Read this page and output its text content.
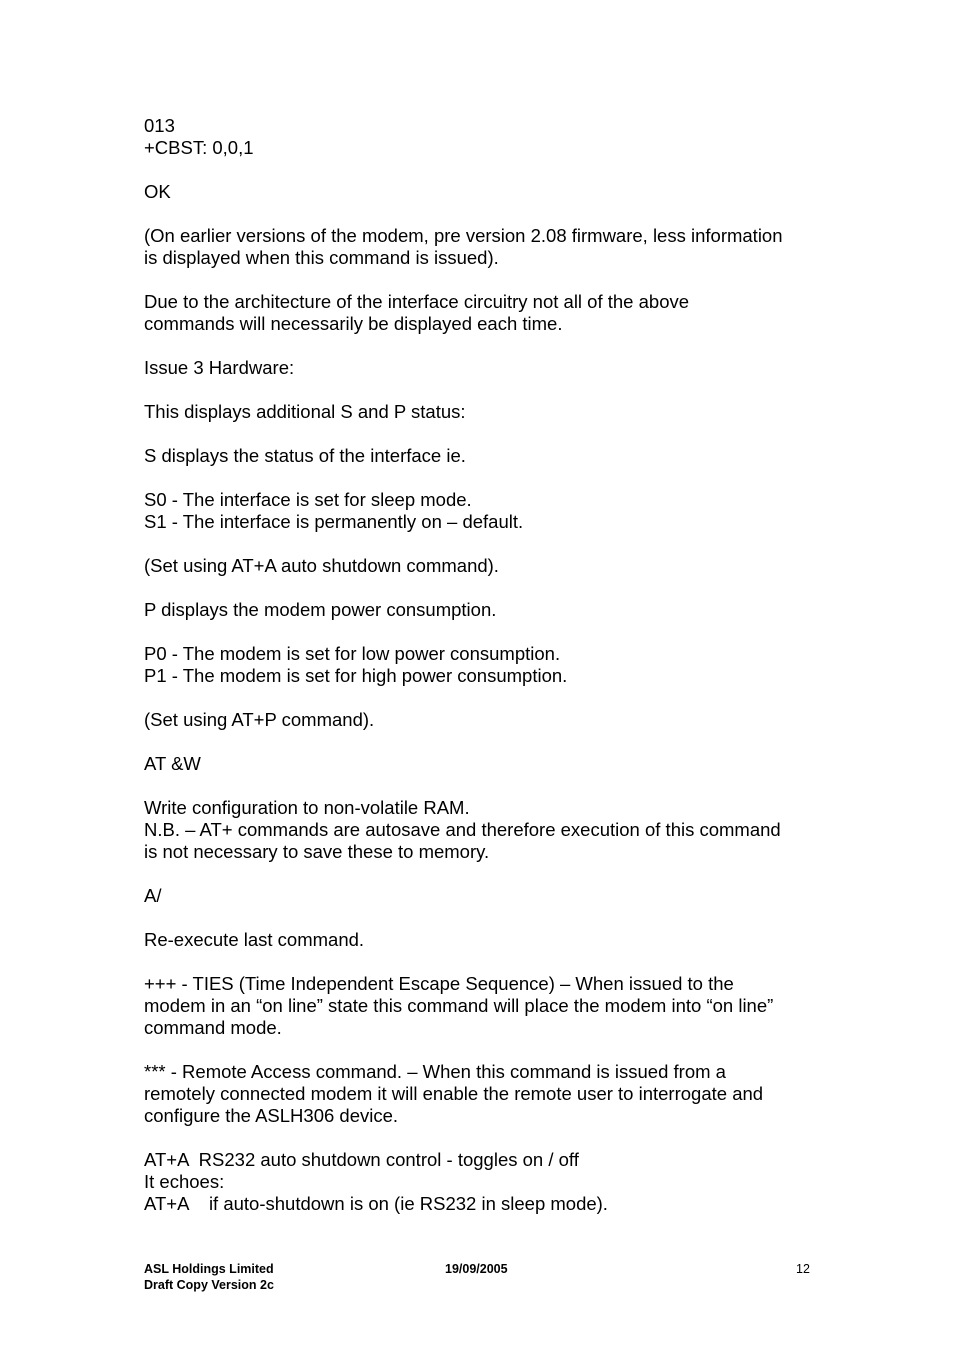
013
+CBST: 0,0,1
OK
(On earlier versions of the modem, pre version 2.08 firmware, less information
is displayed when this command is issued).
Due to the architecture of the interface circuitry not all of the above
commands will necessarily be displayed each time.
Issue 3 Hardware:
This displays additional S and P status:
S displays the status of the interface ie.
S0 - The interface is set for sleep mode.
S1 - The interface is permanently on – default.
(Set using AT+A auto shutdown command).
P displays the modem power consumption.
P0 - The modem is set for low power consumption.
P1 - The modem is set for high power consumption.
(Set using AT+P command).
AT &W
Write configuration to non-volatile RAM.
N.B. – AT+ commands are autosave and therefore execution of this command
is not necessary to save these to memory.
A/
Re-execute last command.
+++ - TIES (Time Independent Escape Sequence) – When issued to the
modem in an “on line” state this command will place the modem into “on line”
command mode.
*** - Remote Access command. – When this command is issued from a
remotely connected modem it will enable the remote user to interrogate and
configure the ASLH306 device.
AT+A  RS232 auto shutdown control - toggles on / off
It echoes:
AT+A    if auto-shutdown is on (ie RS232 in sleep mode).
ASL Holdings Limited
Draft Copy Version 2c
19/09/2005	12
